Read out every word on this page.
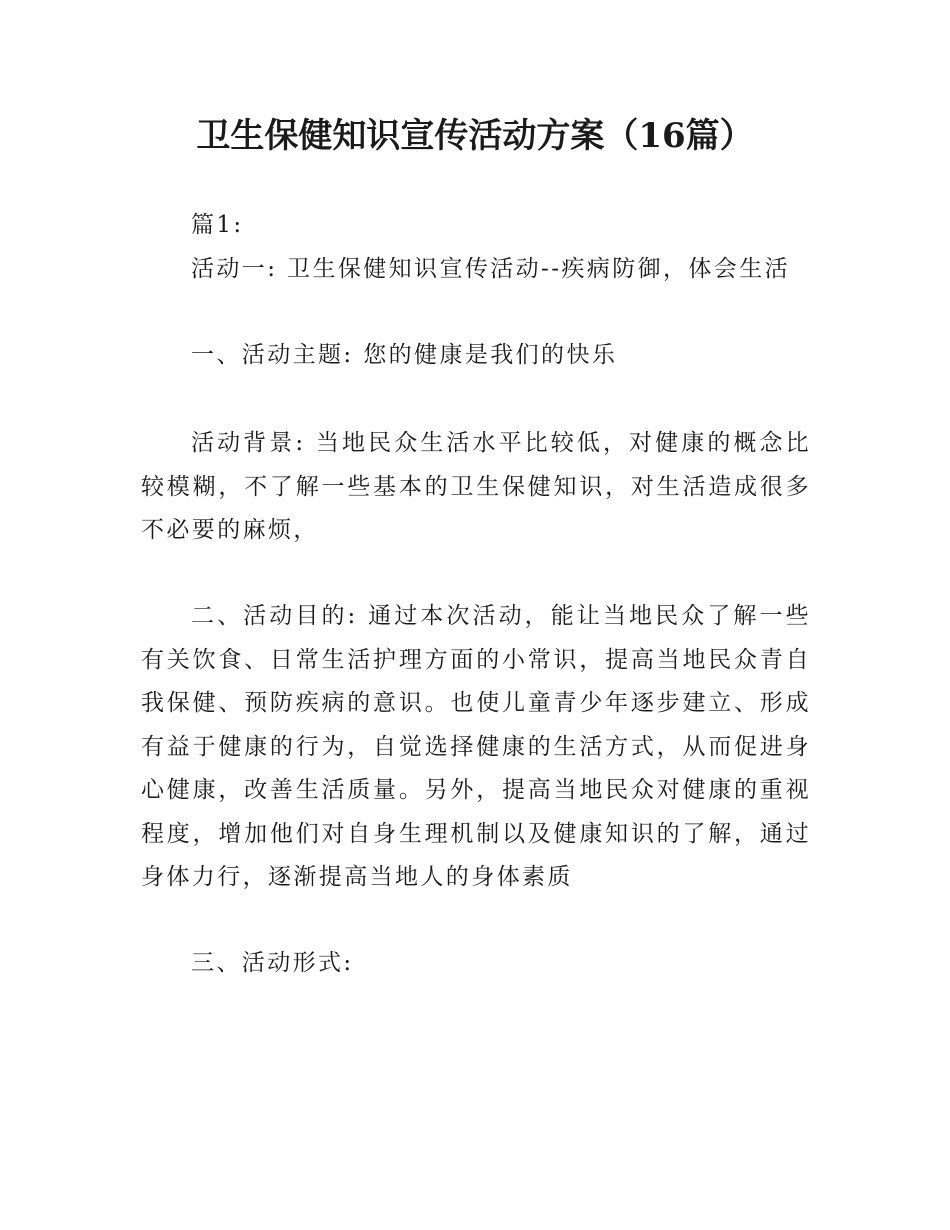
卫生保健知识宣传活动方案（16篇）

篇1:

活动一: 卫生保健知识宣传活动--疾病防御，体会生活

一、活动主题: 您的健康是我们的快乐

活动背景: 当地民众生活水平比较低，对健康的概念比较模糊，不了解一些基本的卫生保健知识，对生活造成很多不必要的麻烦，

二、活动目的: 通过本次活动，能让当地民众了解一些有关饮食、日常生活护理方面的小常识，提高当地民众青自我保健、预防疾病的意识。也使儿童青少年逐步建立、形成有益于健康的行为，自觉选择健康的生活方式，从而促进身心健康，改善生活质量。另外，提高当地民众对健康的重视程度，增加他们对自身生理机制以及健康知识的了解，通过身体力行，逐渐提高当地人的身体素质

三、活动形式:
